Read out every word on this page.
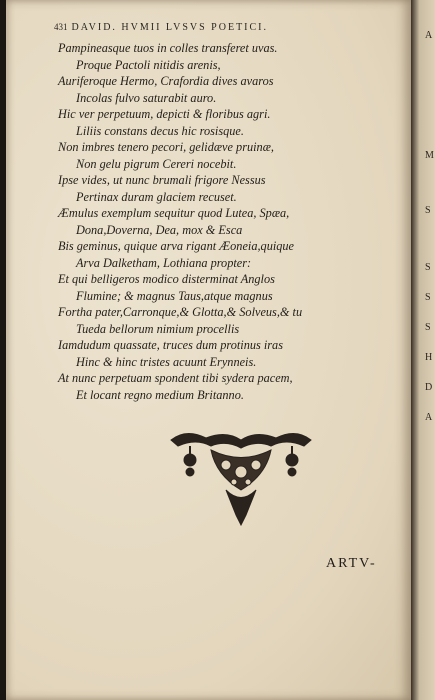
431 DAVID. HVMII LVSVS POETICI.
Pampineasque tuos in colles transferet uvas.
Proque Pactoli nitidis arenis,
Auriferoque Hermo, Crafordia dives avaros
Incolas fulvo saturabit auro.
Hic ver perpetuum, depicti & floribus agri.
Liliis constans decus hic rosisque.
Non imbres tenero pecori, gelidæve pruinæ,
Non gelu pigrum Cereri nocebit.
Ipse vides, ut nunc brumali frigore Nessus
Pertinax duram glaciem recuset.
Æmulus exemplum sequitur quod Lutea, Spæa,
Dona,Doverna, Dea, mox & Esca
Bis geminus, quique arva rigant Æoneia,quique
Arva Dalketham, Lothiana propter:
Et qui belligeros modico disterminat Anglos
Flumine; & magnus Taus,atque magnus
Fortha pater,Carronque,& Glotta,& Solveus,& tu
Tueda bellorum nimium procellis
Iamdudum quassate, truces dum protinus iras
Hinc & hinc tristes acuunt Erynneis.
At nunc perpetuam spondent tibi sydera pacem,
Et locant regno medium Britanno.
ARTV-
A
M
S
S
S
S
H
D
A
